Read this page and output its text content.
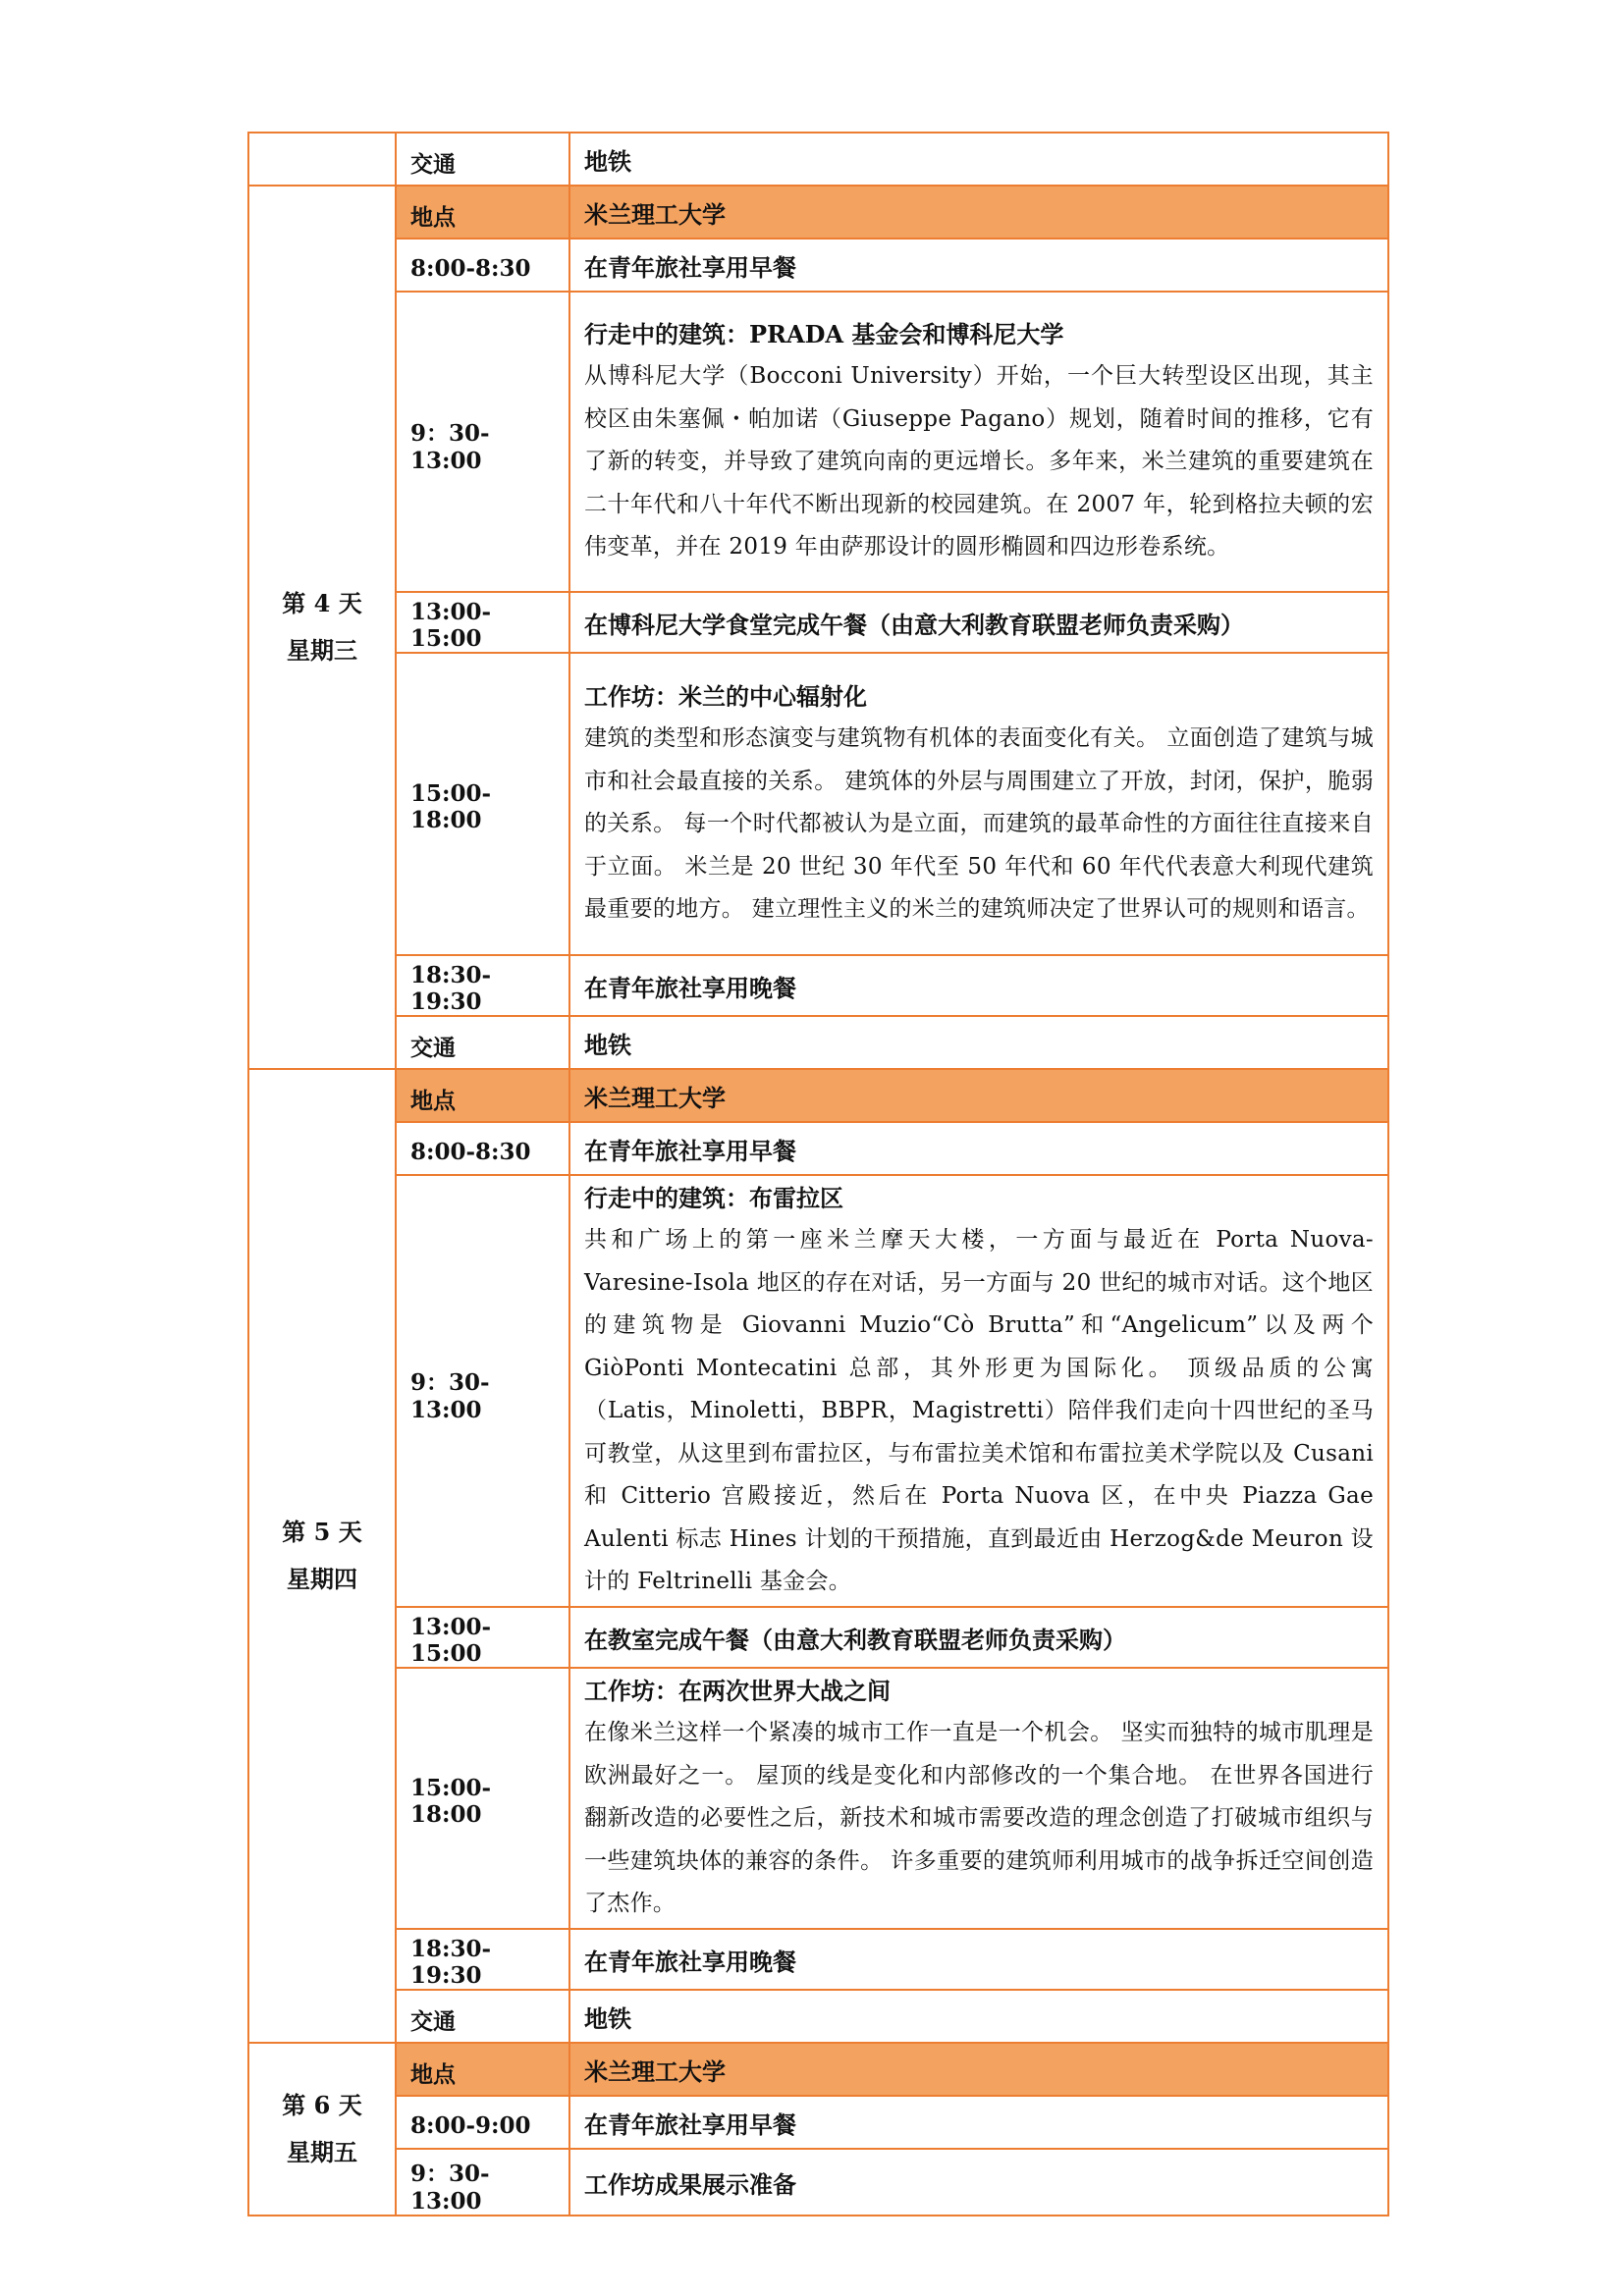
	交通	地铁

第 4 天
星期三	地点	米兰理工大学
	8:00-8:30	在青年旅社享用早餐
	9：30-13:00	行走中的建筑：PRADA 基金会和博科尼大学
从博科尼大学（Bocconi University）开始，一个巨大转型设区出现，其主校区由朱塞佩・帕加诺（Giuseppe Pagano）规划，随着时间的推移，它有了新的转变，并导致了建筑向南的更远增长。多年来，米兰建筑的重要建筑在二十年代和八十年代不断出现新的校园建筑。在 2007 年，轮到格拉夫顿的宏伟变革，并在 2019 年由萨那设计的圆形椭圆和四边形卷系统。

	13:00-15:00	在博科尼大学食堂完成午餐（由意大利教育联盟老师负责采购）
	15:00-18:00	工作坊：米兰的中心辐射化
建筑的类型和形态演变与建筑物有机体的表面变化有关。 立面创造了建筑与城市和社会最直接的关系。 建筑体的外层与周围建立了开放，封闭，保护，脆弱的关系。 每一个时代都被认为是立面，而建筑的最革命性的方面往往直接来自于立面。 米兰是 20 世纪 30 年代至 50 年代和 60 年代代表意大利现代建筑最重要的地方。 建立理性主义的米兰的建筑师决定了世界认可的规则和语言。

	18:30-19:30	在青年旅社享用晚餐
	交通	地铁

第 5 天
星期四	地点	米兰理工大学
	8:00-8:30	在青年旅社享用早餐
	9：30-13:00	行走中的建筑：布雷拉区
共和广场上的第一座米兰摩天大楼，一方面与最近在 Porta Nuova-Varesine-Isola 地区的存在对话，另一方面与 20 世纪的城市对话。这个地区的建筑物是 Giovanni Muzio“Cò Brutta”和“Angelicum”以及两个 GiòPonti Montecatini 总部，其外形更为国际化。 顶级品质的公寓（Latis，Minoletti，BBPR，Magistretti）陪伴我们走向十四世纪的圣马可教堂，从这里到布雷拉区，与布雷拉美术馆和布雷拉美术学院以及 Cusani 和 Citterio 宫殿接近，然后在 Porta Nuova 区，在中央 Piazza Gae Aulenti 标志 Hines 计划的干预措施，直到最近由 Herzog&de Meuron 设计的 Feltrinelli 基金会。

	13:00-15:00	在教室完成午餐（由意大利教育联盟老师负责采购）
	15:00-18:00	工作坊：在两次世界大战之间
在像米兰这样一个紧凑的城市工作一直是一个机会。 坚实而独特的城市肌理是欧洲最好之一。 屋顶的线是变化和内部修改的一个集合地。 在世界各国进行翻新改造的必要性之后，新技术和城市需要改造的理念创造了打破城市组织与一些建筑块体的兼容的条件。 许多重要的建筑师利用城市的战争拆迁空间创造了杰作。

	18:30-19:30	在青年旅社享用晚餐
	交通	地铁

第 6 天
星期五	地点	米兰理工大学
	8:00-9:00	在青年旅社享用早餐
	9：30-13:00	工作坊成果展示准备
